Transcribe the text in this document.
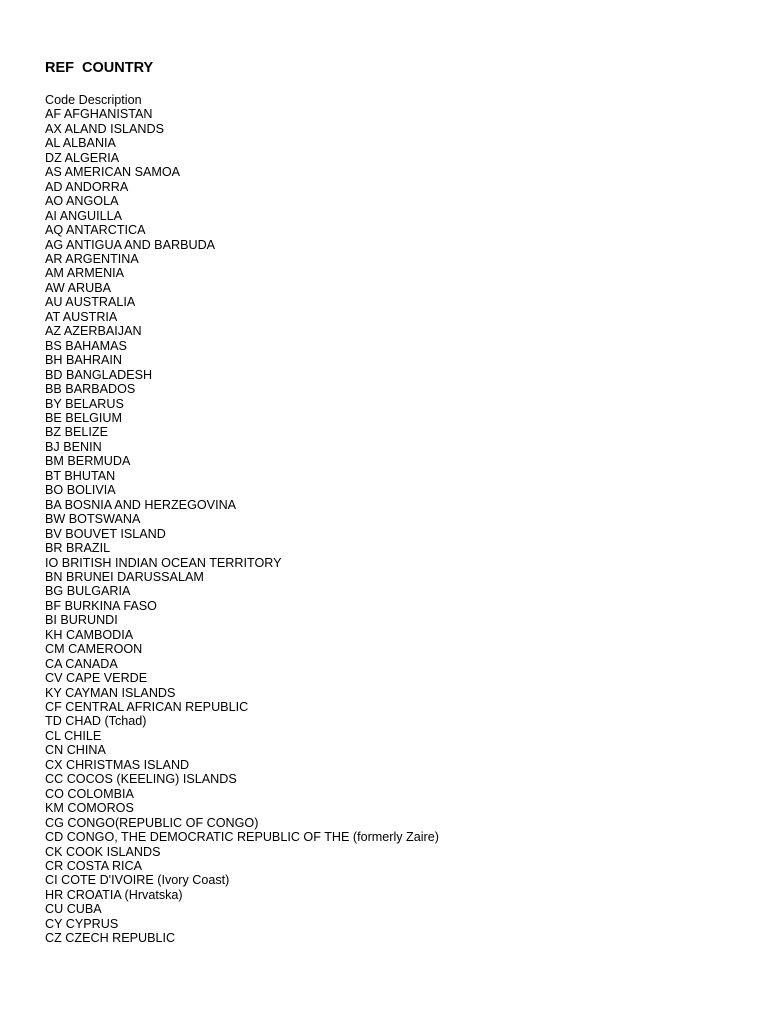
REF  COUNTRY
Code Description
AF AFGHANISTAN
AX ALAND ISLANDS
AL ALBANIA
DZ ALGERIA
AS AMERICAN SAMOA
AD ANDORRA
AO ANGOLA
AI ANGUILLA
AQ ANTARCTICA
AG ANTIGUA AND BARBUDA
AR ARGENTINA
AM ARMENIA
AW ARUBA
AU AUSTRALIA
AT AUSTRIA
AZ AZERBAIJAN
BS BAHAMAS
BH BAHRAIN
BD BANGLADESH
BB BARBADOS
BY BELARUS
BE BELGIUM
BZ BELIZE
BJ BENIN
BM BERMUDA
BT BHUTAN
BO BOLIVIA
BA BOSNIA AND HERZEGOVINA
BW BOTSWANA
BV BOUVET ISLAND
BR BRAZIL
IO BRITISH INDIAN OCEAN TERRITORY
BN BRUNEI DARUSSALAM
BG BULGARIA
BF BURKINA FASO
BI BURUNDI
KH CAMBODIA
CM CAMEROON
CA CANADA
CV CAPE VERDE
KY CAYMAN ISLANDS
CF CENTRAL AFRICAN REPUBLIC
TD CHAD (Tchad)
CL CHILE
CN CHINA
CX CHRISTMAS ISLAND
CC COCOS (KEELING) ISLANDS
CO COLOMBIA
KM COMOROS
CG CONGO(REPUBLIC OF CONGO)
CD CONGO, THE DEMOCRATIC REPUBLIC OF THE (formerly Zaire)
CK COOK ISLANDS
CR COSTA RICA
CI COTE D'IVOIRE (Ivory Coast)
HR CROATIA (Hrvatska)
CU CUBA
CY CYPRUS
CZ CZECH REPUBLIC
